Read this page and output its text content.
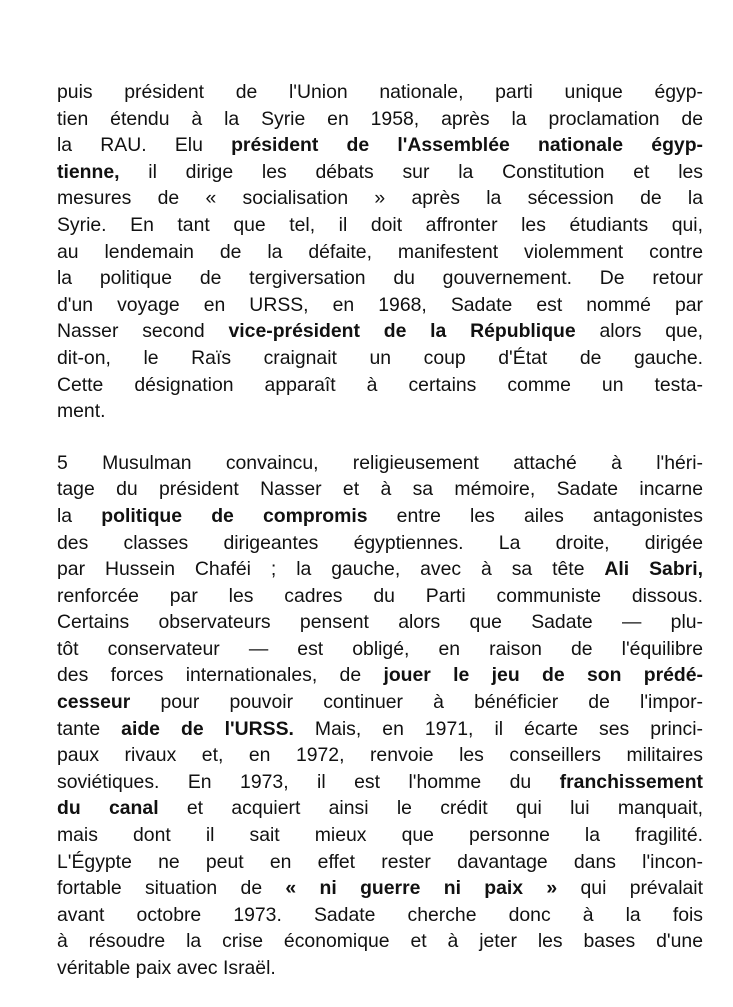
puis président de l'Union nationale, parti unique égyp-
tien étendu à la Syrie en 1958, après la proclamation de
la RAU. Elu président de l'Assemblée nationale égyp-
tienne, il dirige les débats sur la Constitution et les
mesures de « socialisation » après la sécession de la
Syrie. En tant que tel, il doit affronter les étudiants qui,
au lendemain de la défaite, manifestent violemment contre
la politique de tergiversation du gouvernement. De retour
d'un voyage en URSS, en 1968, Sadate est nommé par
Nasser second vice-président de la République alors que,
dit-on, le Raïs craignait un coup d'État de gauche.
Cette désignation apparaît à certains comme un testa-
ment.
5 Musulman convaincu, religieusement attaché à l'héri-
tage du président Nasser et à sa mémoire, Sadate incarne
la politique de compromis entre les ailes antagonistes
des classes dirigeantes égyptiennes. La droite, dirigée
par Hussein Chaféi ; la gauche, avec à sa tête Ali Sabri,
renforcée par les cadres du Parti communiste dissous.
Certains observateurs pensent alors que Sadate — plu-
tôt conservateur — est obligé, en raison de l'équilibre
des forces internationales, de jouer le jeu de son prédé-
cesseur pour pouvoir continuer à bénéficier de l'impor-
tante aide de l'URSS. Mais, en 1971, il écarte ses princi-
paux rivaux et, en 1972, renvoie les conseillers militaires
soviétiques. En 1973, il est l'homme du franchissement
du canal et acquiert ainsi le crédit qui lui manquait,
mais dont il sait mieux que personne la fragilité.
L'Égypte ne peut en effet rester davantage dans l'incon-
fortable situation de « ni guerre ni paix » qui prévalait
avant octobre 1973. Sadate cherche donc à la fois
à résoudre la crise économique et à jeter les bases d'une
véritable paix avec Israël.
